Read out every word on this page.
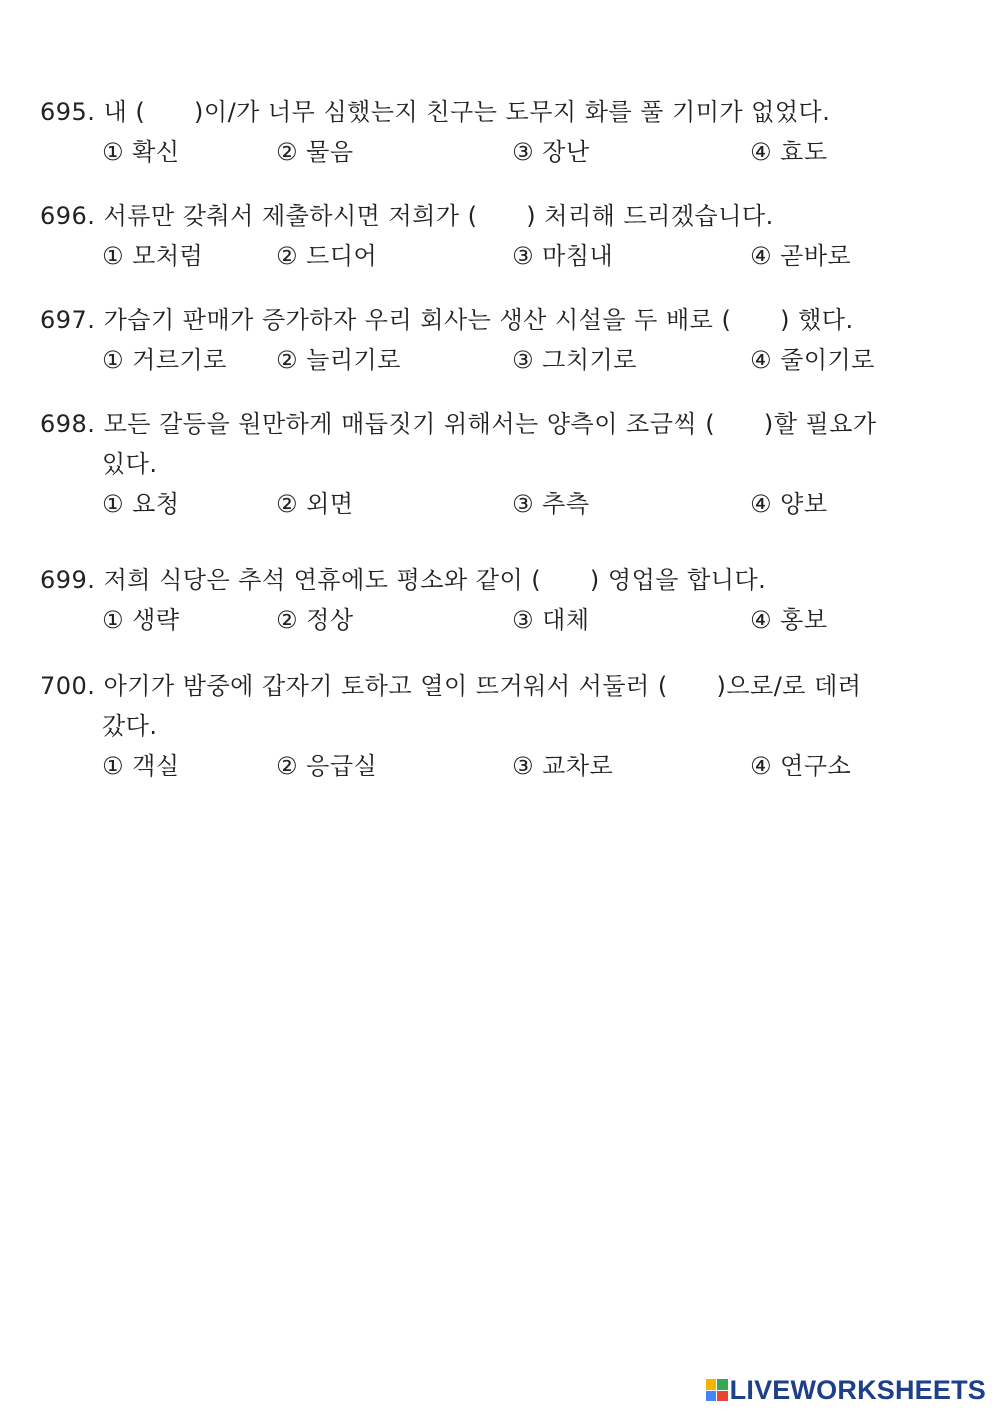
695. 내 (      )이/가 너무 심했는지 친구는 도무지 화를 풀 기미가 없었다.
① 확신	② 물음	③ 장난	④ 효도
696. 서류만 갖춰서 제출하시면 저희가 (      ) 처리해 드리겠습니다.
① 모처럼	② 드디어	③ 마침내	④ 곧바로
697. 가습기 판매가 증가하자 우리 회사는 생산 시설을 두 배로 (      ) 했다.
① 거르기로 ② 늘리기로	③ 그치기로	④ 줄이기로
698. 모든 갈등을 원만하게 매듭짓기 위해서는 양측이 조금씩 (      )할 필요가
있다.
① 요청	② 외면	③ 추측	④ 양보
699. 저희 식당은 추석 연휴에도 평소와 같이 (      ) 영업을 합니다.
① 생략	② 정상	③ 대체	④ 홍보
700. 아기가 밤중에 갑자기 토하고 열이 뜨거워서 서둘러 (      )으로/로 데려
갔다.
① 객실	② 응급실	③ 교차로	④ 연구소
LIVEWORKSHEETS
